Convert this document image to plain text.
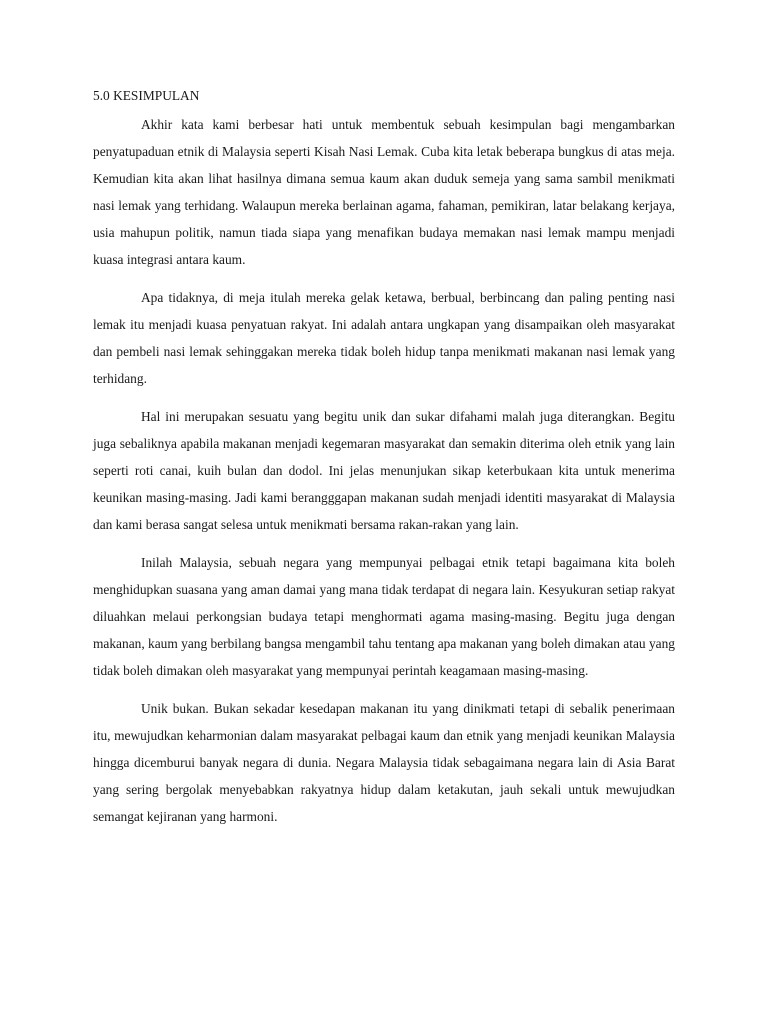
5.0 KESIMPULAN

Akhir kata kami berbesar hati untuk membentuk sebuah kesimpulan bagi mengambarkan penyatupaduan etnik di Malaysia seperti Kisah Nasi Lemak. Cuba kita letak beberapa bungkus di atas meja. Kemudian kita akan lihat hasilnya dimana semua kaum akan duduk semeja yang sama sambil menikmati nasi lemak yang terhidang. Walaupun mereka berlainan agama, fahaman, pemikiran, latar belakang kerjaya, usia mahupun politik, namun tiada siapa yang menafikan budaya memakan nasi lemak mampu menjadi kuasa integrasi antara kaum.

Apa tidaknya, di meja itulah mereka gelak ketawa, berbual, berbincang dan paling penting nasi lemak itu menjadi kuasa penyatuan rakyat. Ini adalah antara ungkapan yang disampaikan oleh masyarakat dan pembeli nasi lemak sehinggakan mereka tidak boleh hidup tanpa menikmati makanan nasi lemak yang terhidang.

Hal ini merupakan sesuatu yang begitu unik dan sukar difahami malah juga diterangkan. Begitu juga sebaliknya apabila makanan menjadi kegemaran masyarakat dan semakin diterima oleh etnik yang lain seperti roti canai, kuih bulan dan dodol. Ini jelas menunjukan sikap keterbukaan kita untuk menerima keunikan masing-masing. Jadi kami berangggapan makanan sudah menjadi identiti masyarakat di Malaysia dan kami berasa sangat selesa untuk menikmati bersama rakan-rakan yang lain.

Inilah Malaysia, sebuah negara yang mempunyai pelbagai etnik tetapi bagaimana kita boleh menghidupkan suasana yang aman damai yang mana tidak terdapat di negara lain. Kesyukuran setiap rakyat diluahkan melaui perkongsian budaya tetapi menghormati agama masing-masing. Begitu juga dengan makanan, kaum yang berbilang bangsa mengambil tahu tentang apa makanan yang boleh dimakan atau yang tidak boleh dimakan oleh masyarakat yang mempunyai perintah keagamaan masing-masing.

Unik bukan. Bukan sekadar kesedapan makanan itu yang dinikmati tetapi di sebalik penerimaan itu, mewujudkan keharmonian dalam masyarakat pelbagai kaum dan etnik yang menjadi keunikan Malaysia hingga dicemburui banyak negara di dunia. Negara Malaysia tidak sebagaimana negara lain di Asia Barat yang sering bergolak menyebabkan rakyatnya hidup dalam ketakutan, jauh sekali untuk mewujudkan semangat kejiranan yang harmoni.
